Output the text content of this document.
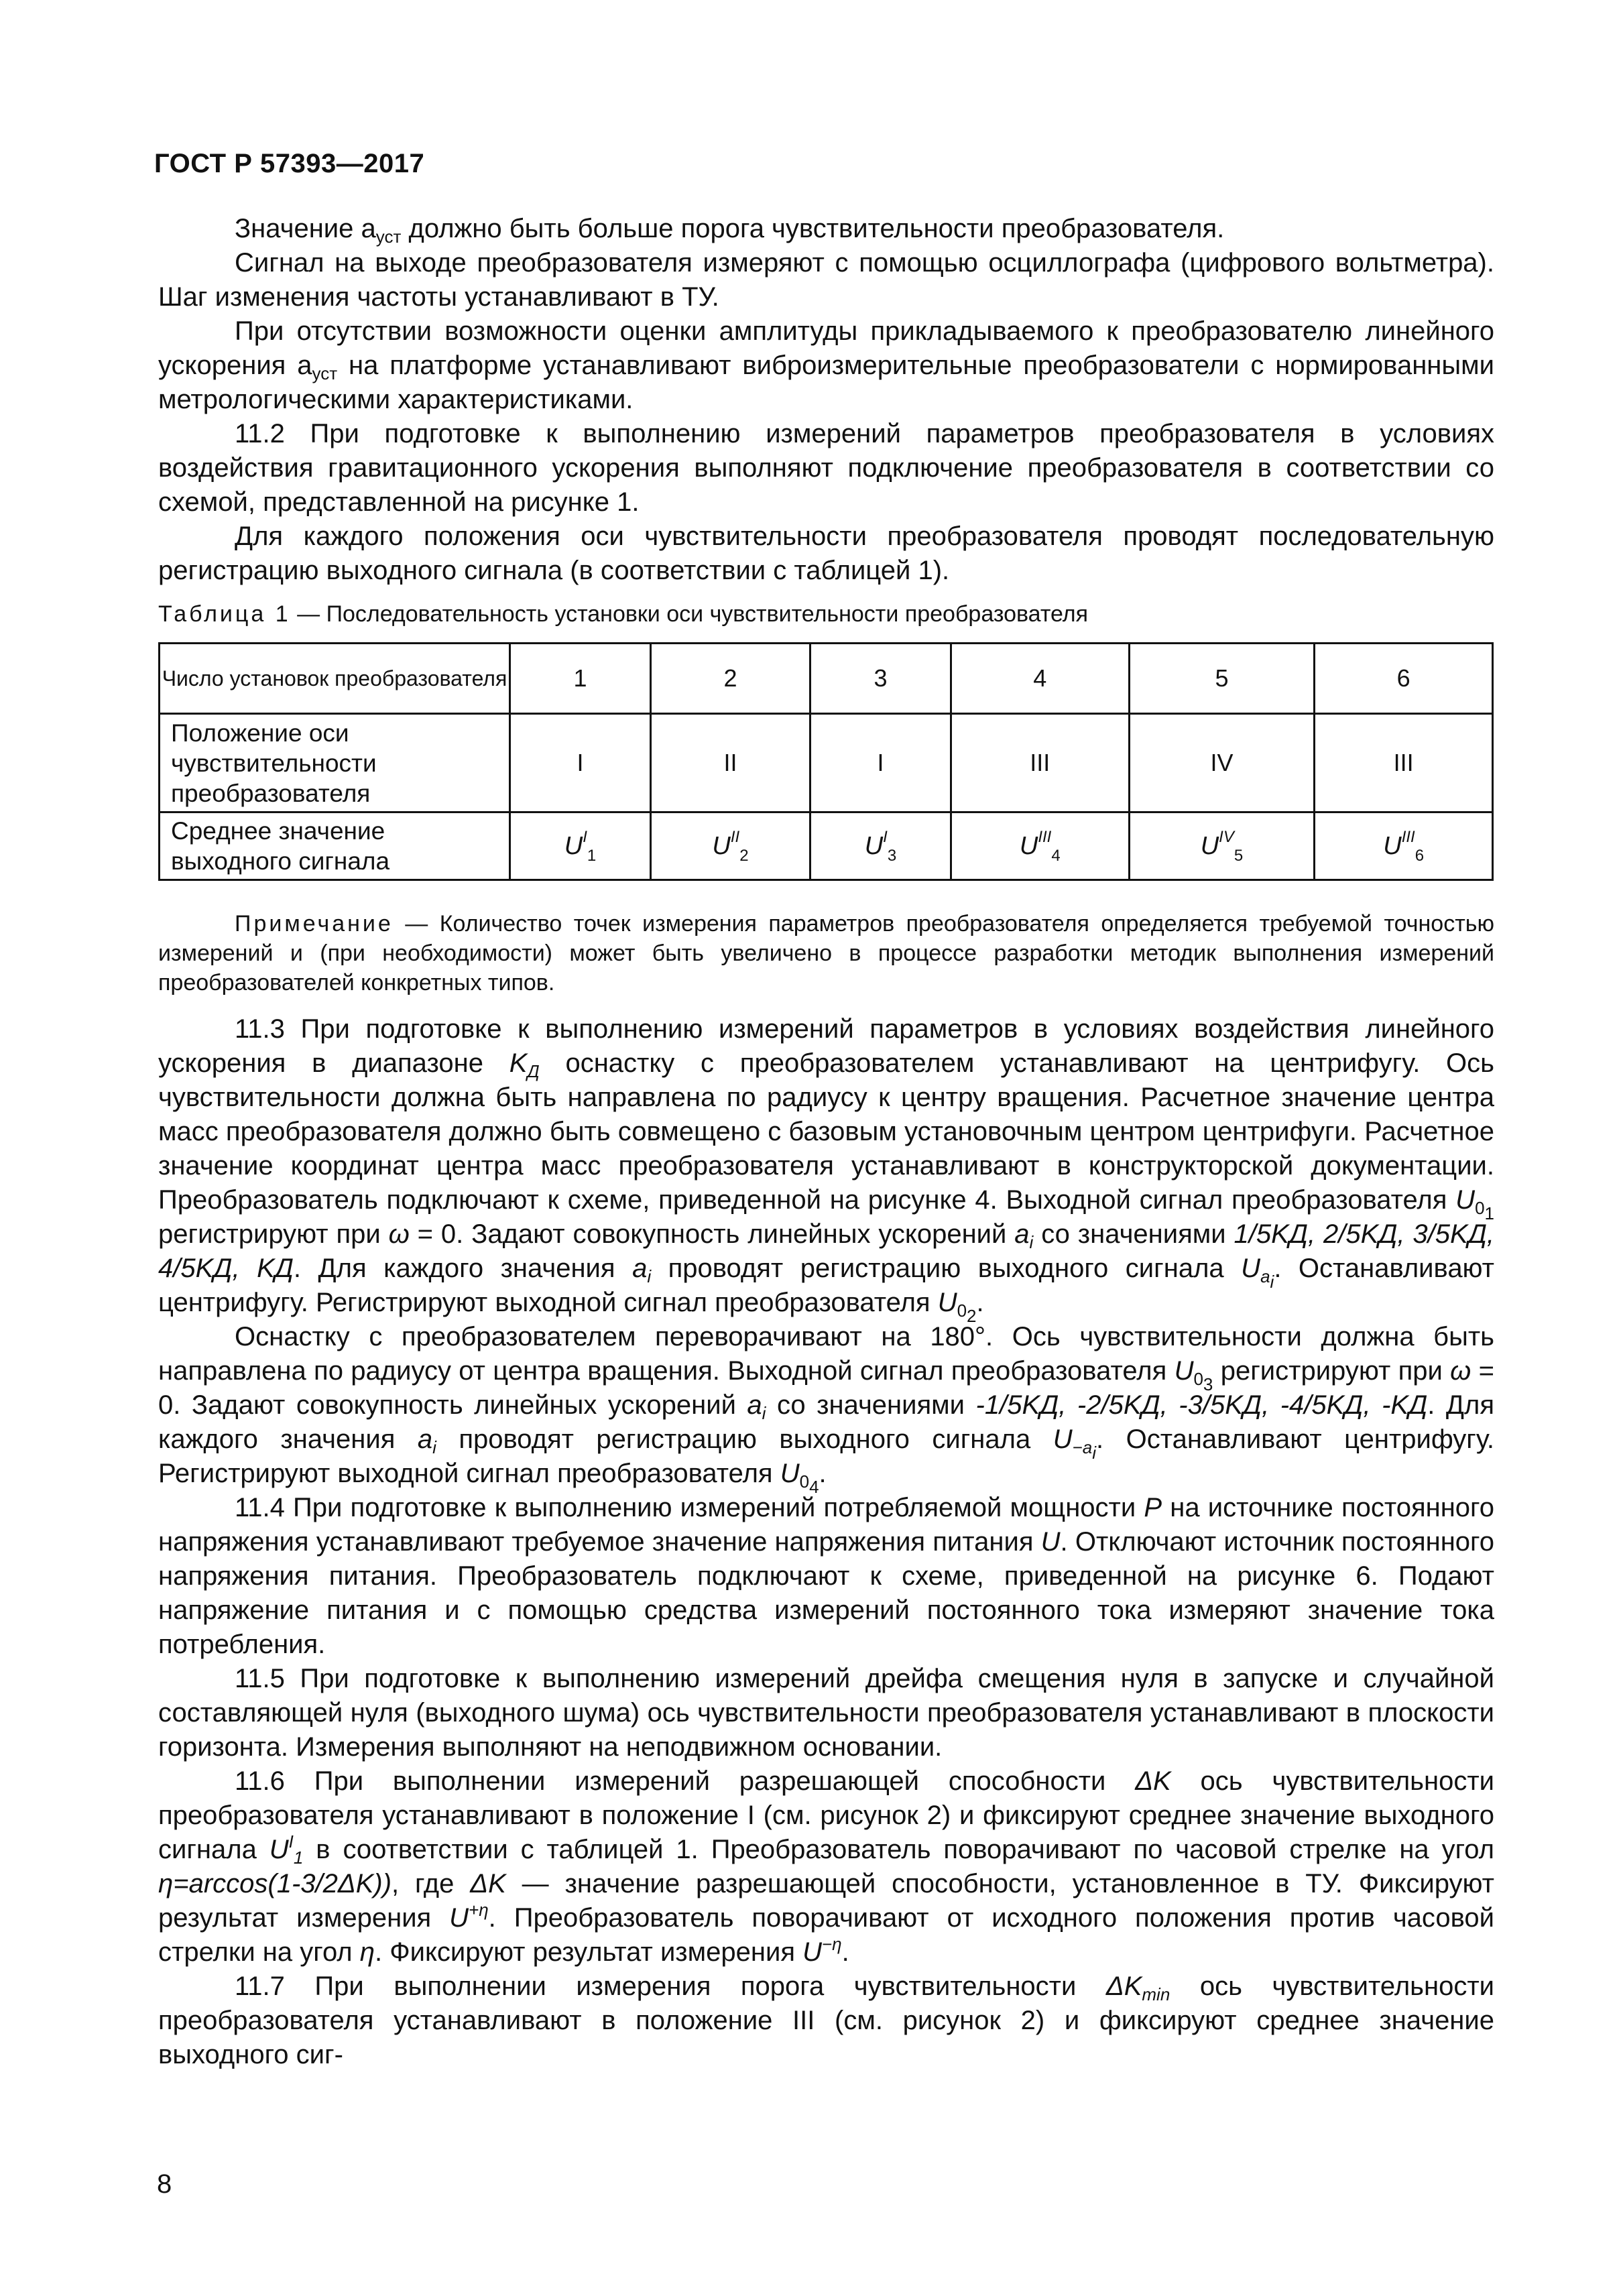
ГОСТ Р 57393—2017

Значение $a_{уст}$ должно быть больше порога чувствительности преобразователя.

Сигнал на выходе преобразователя измеряют с помощью осциллографа (цифрового вольтметра). Шаг изменения частоты устанавливают в ТУ.

При отсутствии возможности оценки амплитуды прикладываемого к преобразователю линейного ускорения $a_{уст}$ на платформе устанавливают виброизмерительные преобразователи с нормированными метрологическими характеристиками.

11.2 При подготовке к выполнению измерений параметров преобразователя в условиях воздействия гравитационного ускорения выполняют подключение преобразователя в соответствии со схемой, представленной на рисунке 1.

Для каждого положения оси чувствительности преобразователя проводят последовательную регистрацию выходного сигнала (в соответствии с таблицей 1).

Таблица 1 — Последовательность установки оси чувствительности преобразователя
Число установок преобразователя	1	2	3	4	5	6
Положение оси чувствительности преобразователя	I	II	I	III	IV	III
Среднее значение выходного сигнала	$U^I_1$	$U^{II}_2$	$U^I_3$	$U^{III}_4$	$U^{IV}_5$	$U^{III}_6$

Примечание — Количество точек измерения параметров преобразователя определяется требуемой точностью измерений и (при необходимости) может быть увеличено в процессе разработки методик выполнения измерений преобразователей конкретных типов.

11.3 При подготовке к выполнению измерений параметров в условиях воздействия линейного ускорения в диапазоне $K_Д$ оснастку с преобразователем устанавливают на центрифугу. Ось чувствительности должна быть направлена по радиусу к центру вращения. Расчетное значение центра масс преобразователя должно быть совмещено с базовым установочным центром центрифуги. Расчетное значение координат центра масс преобразователя устанавливают в конструкторской документации. Преобразователь подключают к схеме, приведенной на рисунке 4. Выходной сигнал преобразователя $U_{0_1}$ регистрируют при ω = 0. Задают совокупность линейных ускорений $a_i$ со значениями 1/5KД, 2/5KД, 3/5KД, 4/5KД, KД. Для каждого значения $a_i$ проводят регистрацию выходного сигнала $U_{a_i}$. Останавливают центрифугу. Регистрируют выходной сигнал преобразователя $U_{0_2}$.

Оснастку с преобразователем переворачивают на 180°. Ось чувствительности должна быть направлена по радиусу от центра вращения. Выходной сигнал преобразователя $U_{0_3}$ регистрируют при ω = 0. Задают совокупность линейных ускорений $a_i$ со значениями -1/5KД, -2/5KД, -3/5KД, -4/5KД, -KД. Для каждого значения $a_i$ проводят регистрацию выходного сигнала $U_{-a_i}$. Останавливают центрифугу. Регистрируют выходной сигнал преобразователя $U_{0_4}$.

11.4 При подготовке к выполнению измерений потребляемой мощности P на источнике постоянного напряжения устанавливают требуемое значение напряжения питания U. Отключают источник постоянного напряжения питания. Преобразователь подключают к схеме, приведенной на рисунке 6. Подают напряжение питания и с помощью средства измерений постоянного тока измеряют значение тока потребления.

11.5 При подготовке к выполнению измерений дрейфа смещения нуля в запуске и случайной составляющей нуля (выходного шума) ось чувствительности преобразователя устанавливают в плоскости горизонта. Измерения выполняют на неподвижном основании.

11.6 При выполнении измерений разрешающей способности ΔK ось чувствительности преобразователя устанавливают в положение I (см. рисунок 2) и фиксируют среднее значение выходного сигнала $U^I_1$ в соответствии с таблицей 1. Преобразователь поворачивают по часовой стрелке на угол η=arccos(1-3/2ΔK)), где ΔK — значение разрешающей способности, установленное в ТУ. Фиксируют результат измерения $U^{+\eta}$. Преобразователь поворачивают от исходного положения против часовой стрелки на угол η. Фиксируют результат измерения $U^{-\eta}$.

11.7 При выполнении измерения порога чувствительности $\Delta K_{min}$ ось чувствительности преобразователя устанавливают в положение III (см. рисунок 2) и фиксируют среднее значение выходного сиг-

8
